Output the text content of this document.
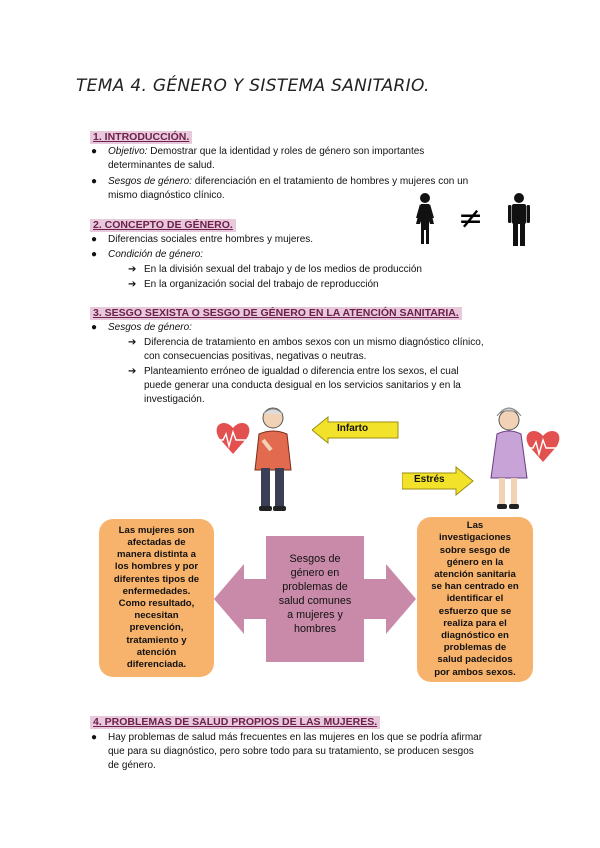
TEMA 4. GÉNERO Y SISTEMA SANITARIO.
1. INTRODUCCIÓN.
● Objetivo: Demostrar que la identidad y roles de género son importantes
determinantes de salud.
● Sesgos de género: diferenciación en el tratamiento de hombres y mujeres con un
mismo diagnóstico clínico.
≠
2. CONCEPTO DE GÉNERO.
● Diferencias sociales entre hombres y mujeres.
● Condición de género:
➔ En la división sexual del trabajo y de los medios de producción
➔ En la organización social del trabajo de reproducción
3. SESGO SEXISTA O SESGO DE GÉNERO EN LA ATENCIÓN SANITARIA.
● Sesgos de género:
➔ Diferencia de tratamiento en ambos sexos con un mismo diagnóstico clínico,
con consecuencias positivas, negativas o neutras.
➔ Planteamiento erróneo de igualdad o diferencia entre los sexos, el cual
puede generar una conducta desigual en los servicios sanitarios y en la
investigación.
Infarto
Estrés
Las mujeres son
afectadas de
manera distinta a
los hombres y por
diferentes tipos de
enfermedades.
Como resultado,
necesitan
prevención,
tratamiento y
atención
diferenciada.
Sesgos de
género en
problemas de
salud comunes
a mujeres y
hombres
Las
investigaciones
sobre sesgo de
género en la
atención sanitaria
se han centrado en
identificar el
esfuerzo que se
realiza para el
diagnóstico en
problemas de
salud padecidos
por ambos sexos.
4. PROBLEMAS DE SALUD PROPIOS DE LAS MUJERES.
● Hay problemas de salud más frecuentes en las mujeres en los que se podría afirmar
que para su diagnóstico, pero sobre todo para su tratamiento, se producen sesgos
de género.
